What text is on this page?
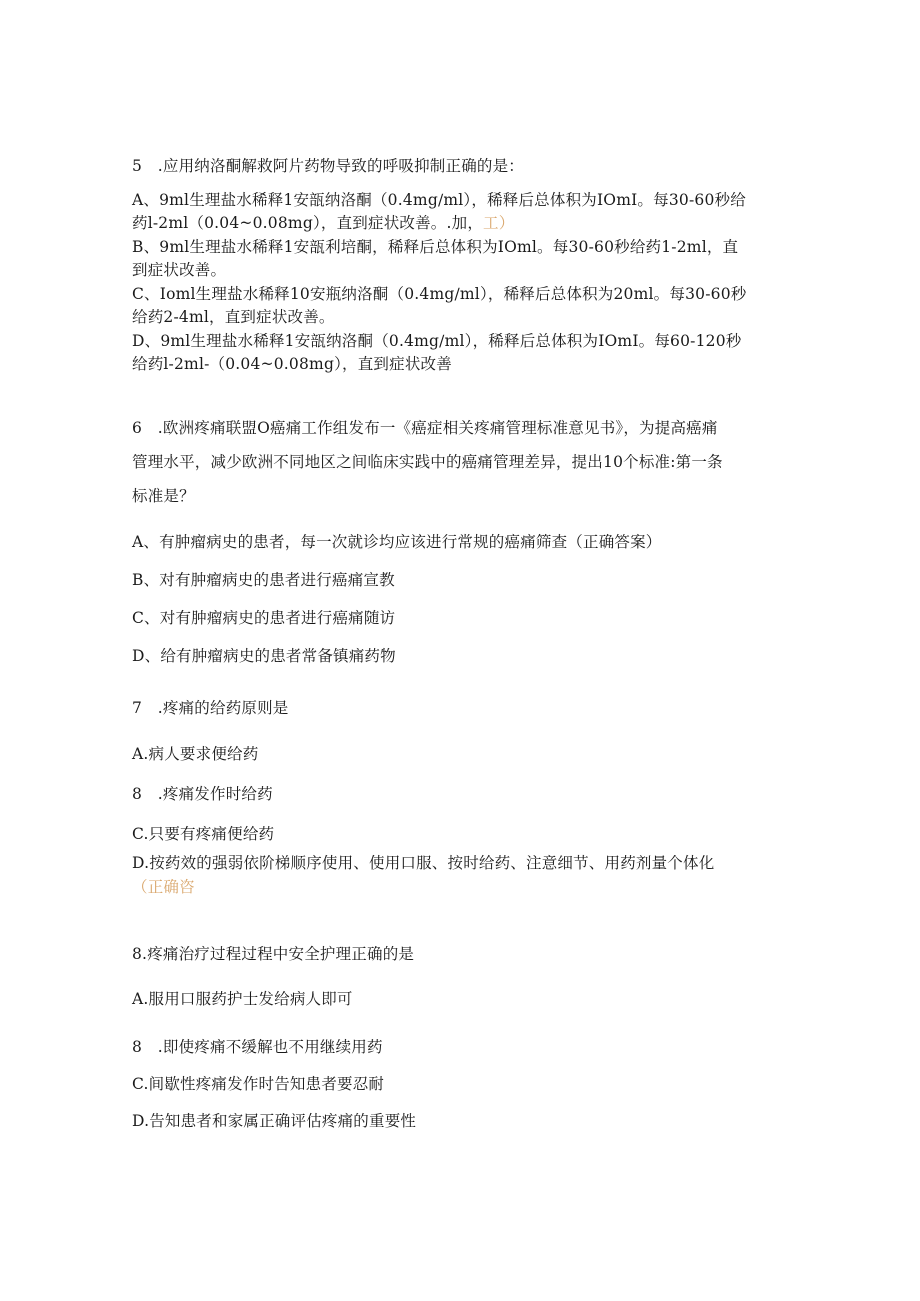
5　.应用纳洛酮解救阿片药物导致的呼吸抑制正确的是：
A、9ml生理盐水稀释1安瓿纳洛酮（0.4mg∕ml），稀释后总体积为IOmI。每30-60秒给
药l-2ml（0.04~0.08mg），直到症状改善。.加，工）
B、9ml生理盐水稀释1安瓿利培酮，稀释后总体积为IOml。每30-60秒给药1-2ml，直
到症状改善。
C、Ioml生理盐水稀释10安瓶纳洛酮（0.4mg∕ml），稀释后总体积为20ml。每30-60秒
给药2-4ml，直到症状改善。
D、9ml生理盐水稀释1安瓿纳洛酮（0.4mg∕ml），稀释后总体积为IOmI。每60-120秒
给药l-2ml-（0.04~0.08mg），直到症状改善
6　.欧洲疼痛联盟O癌痛工作组发布一《癌症相关疼痛管理标准意见书》，为提高癌痛
管理水平，减少欧洲不同地区之间临床实践中的癌痛管理差异，提出10个标准:第一条
标准是？
A、有肿瘤病史的患者，每一次就诊均应该进行常规的癌痛筛查（正确答案）
B、对有肿瘤病史的患者进行癌痛宣教
C、对有肿瘤病史的患者进行癌痛随访
D、给有肿瘤病史的患者常备镇痛药物
7　.疼痛的给药原则是
A.病人要求便给药
8　.疼痛发作时给药
C.只要有疼痛便给药
D.按药效的强弱依阶梯顺序使用、使用口服、按时给药、注意细节、用药剂量个体化
（正确咨
8.疼痛治疗过程过程中安全护理正确的是
A.服用口服药护士发给病人即可
8　.即使疼痛不缓解也不用继续用药
C.间歇性疼痛发作时告知患者要忍耐
D.告知患者和家属正确评估疼痛的重要性
